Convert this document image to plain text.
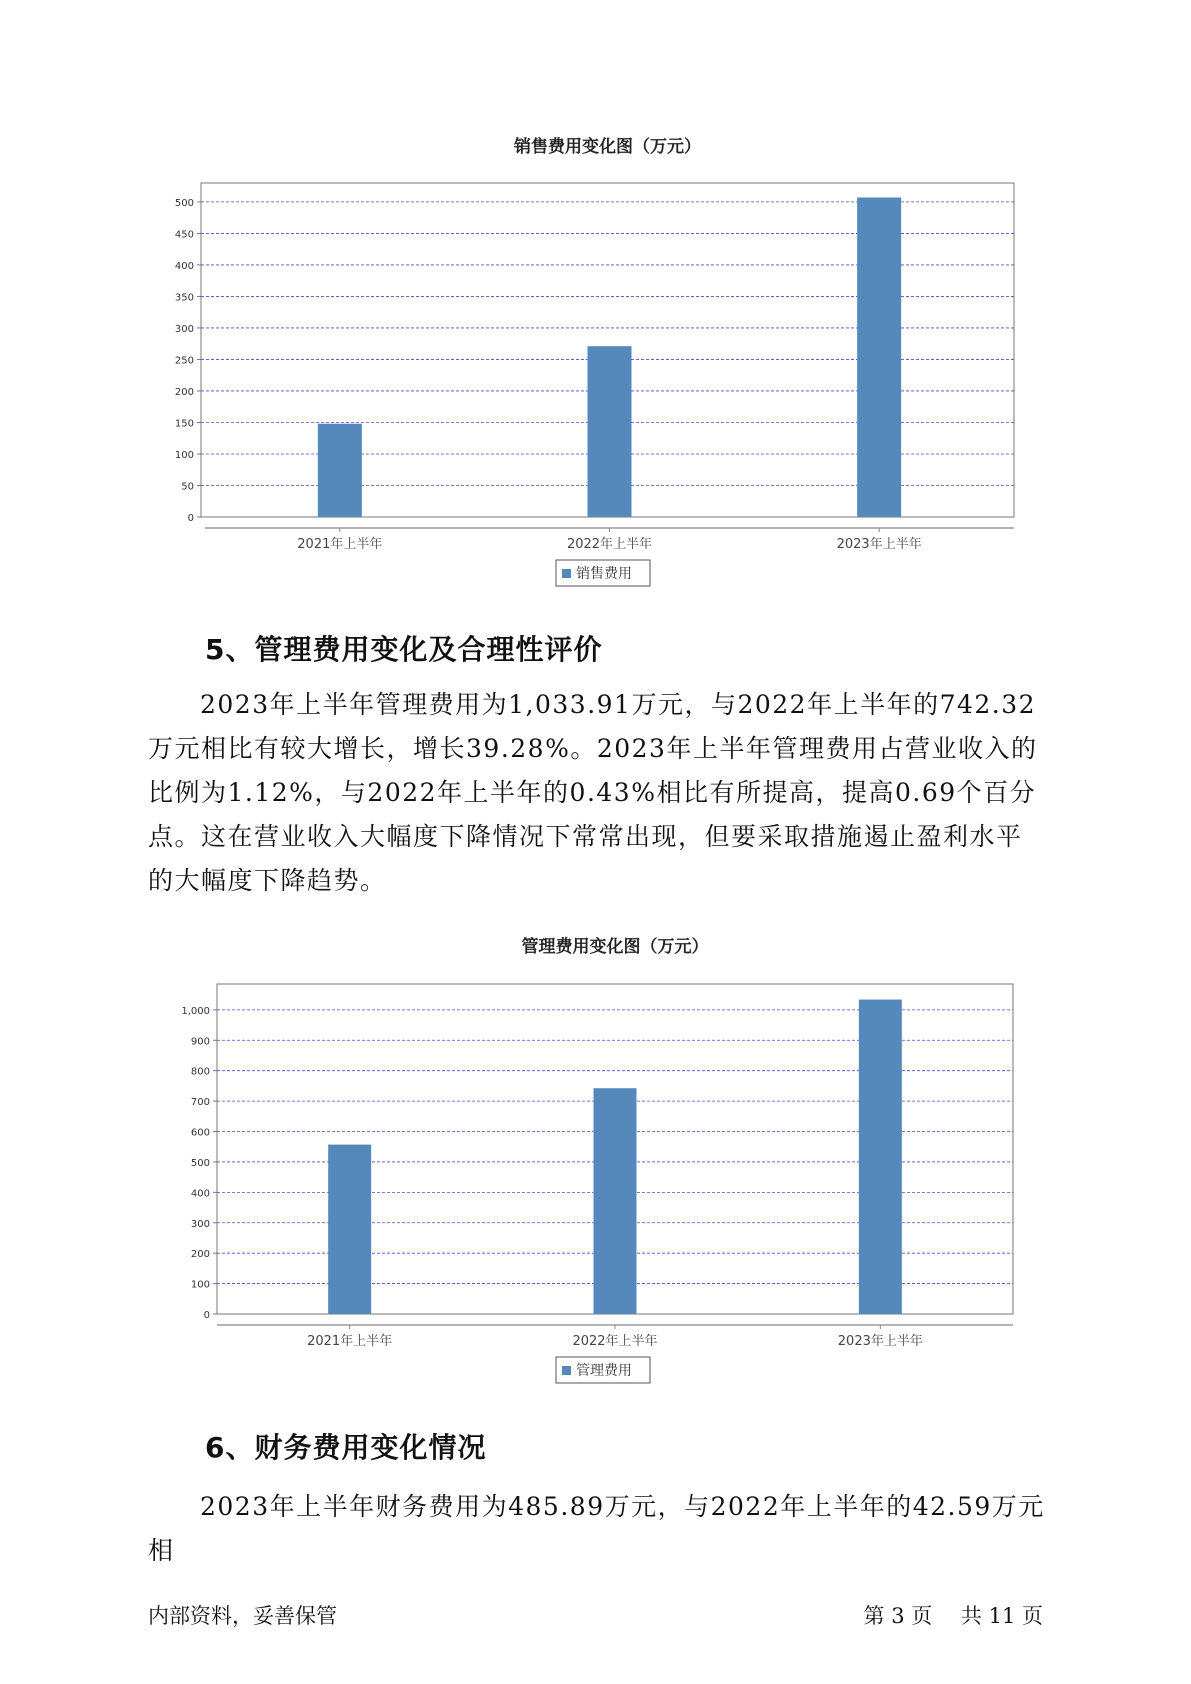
销售费用变化图（万元）
0
50
100
150
200
250
300
350
400
450
500
2021年上半年	2022年上半年	2023年上半年
销售费用
5、管理费用变化及合理性评价

2023年上半年管理费用为1,033.91万元，与2022年上半年的742.32万元相比有较大增长，增长39.28%。2023年上半年管理费用占营业收入的比例为1.12%，与2022年上半年的0.43%相比有所提高，提高0.69个百分点。这在营业收入大幅度下降情况下常常出现，但要采取措施遏止盈利水平的大幅度下降趋势。

管理费用变化图（万元）
0
100
200
300
400
500
600
700
800
900
1,000
2021年上半年	2022年上半年	2023年上半年
管理费用
6、财务费用变化情况

2023年上半年财务费用为485.89万元，与2022年上半年的42.59万元相

内部资料，妥善保管	第 3 页 共 11 页
